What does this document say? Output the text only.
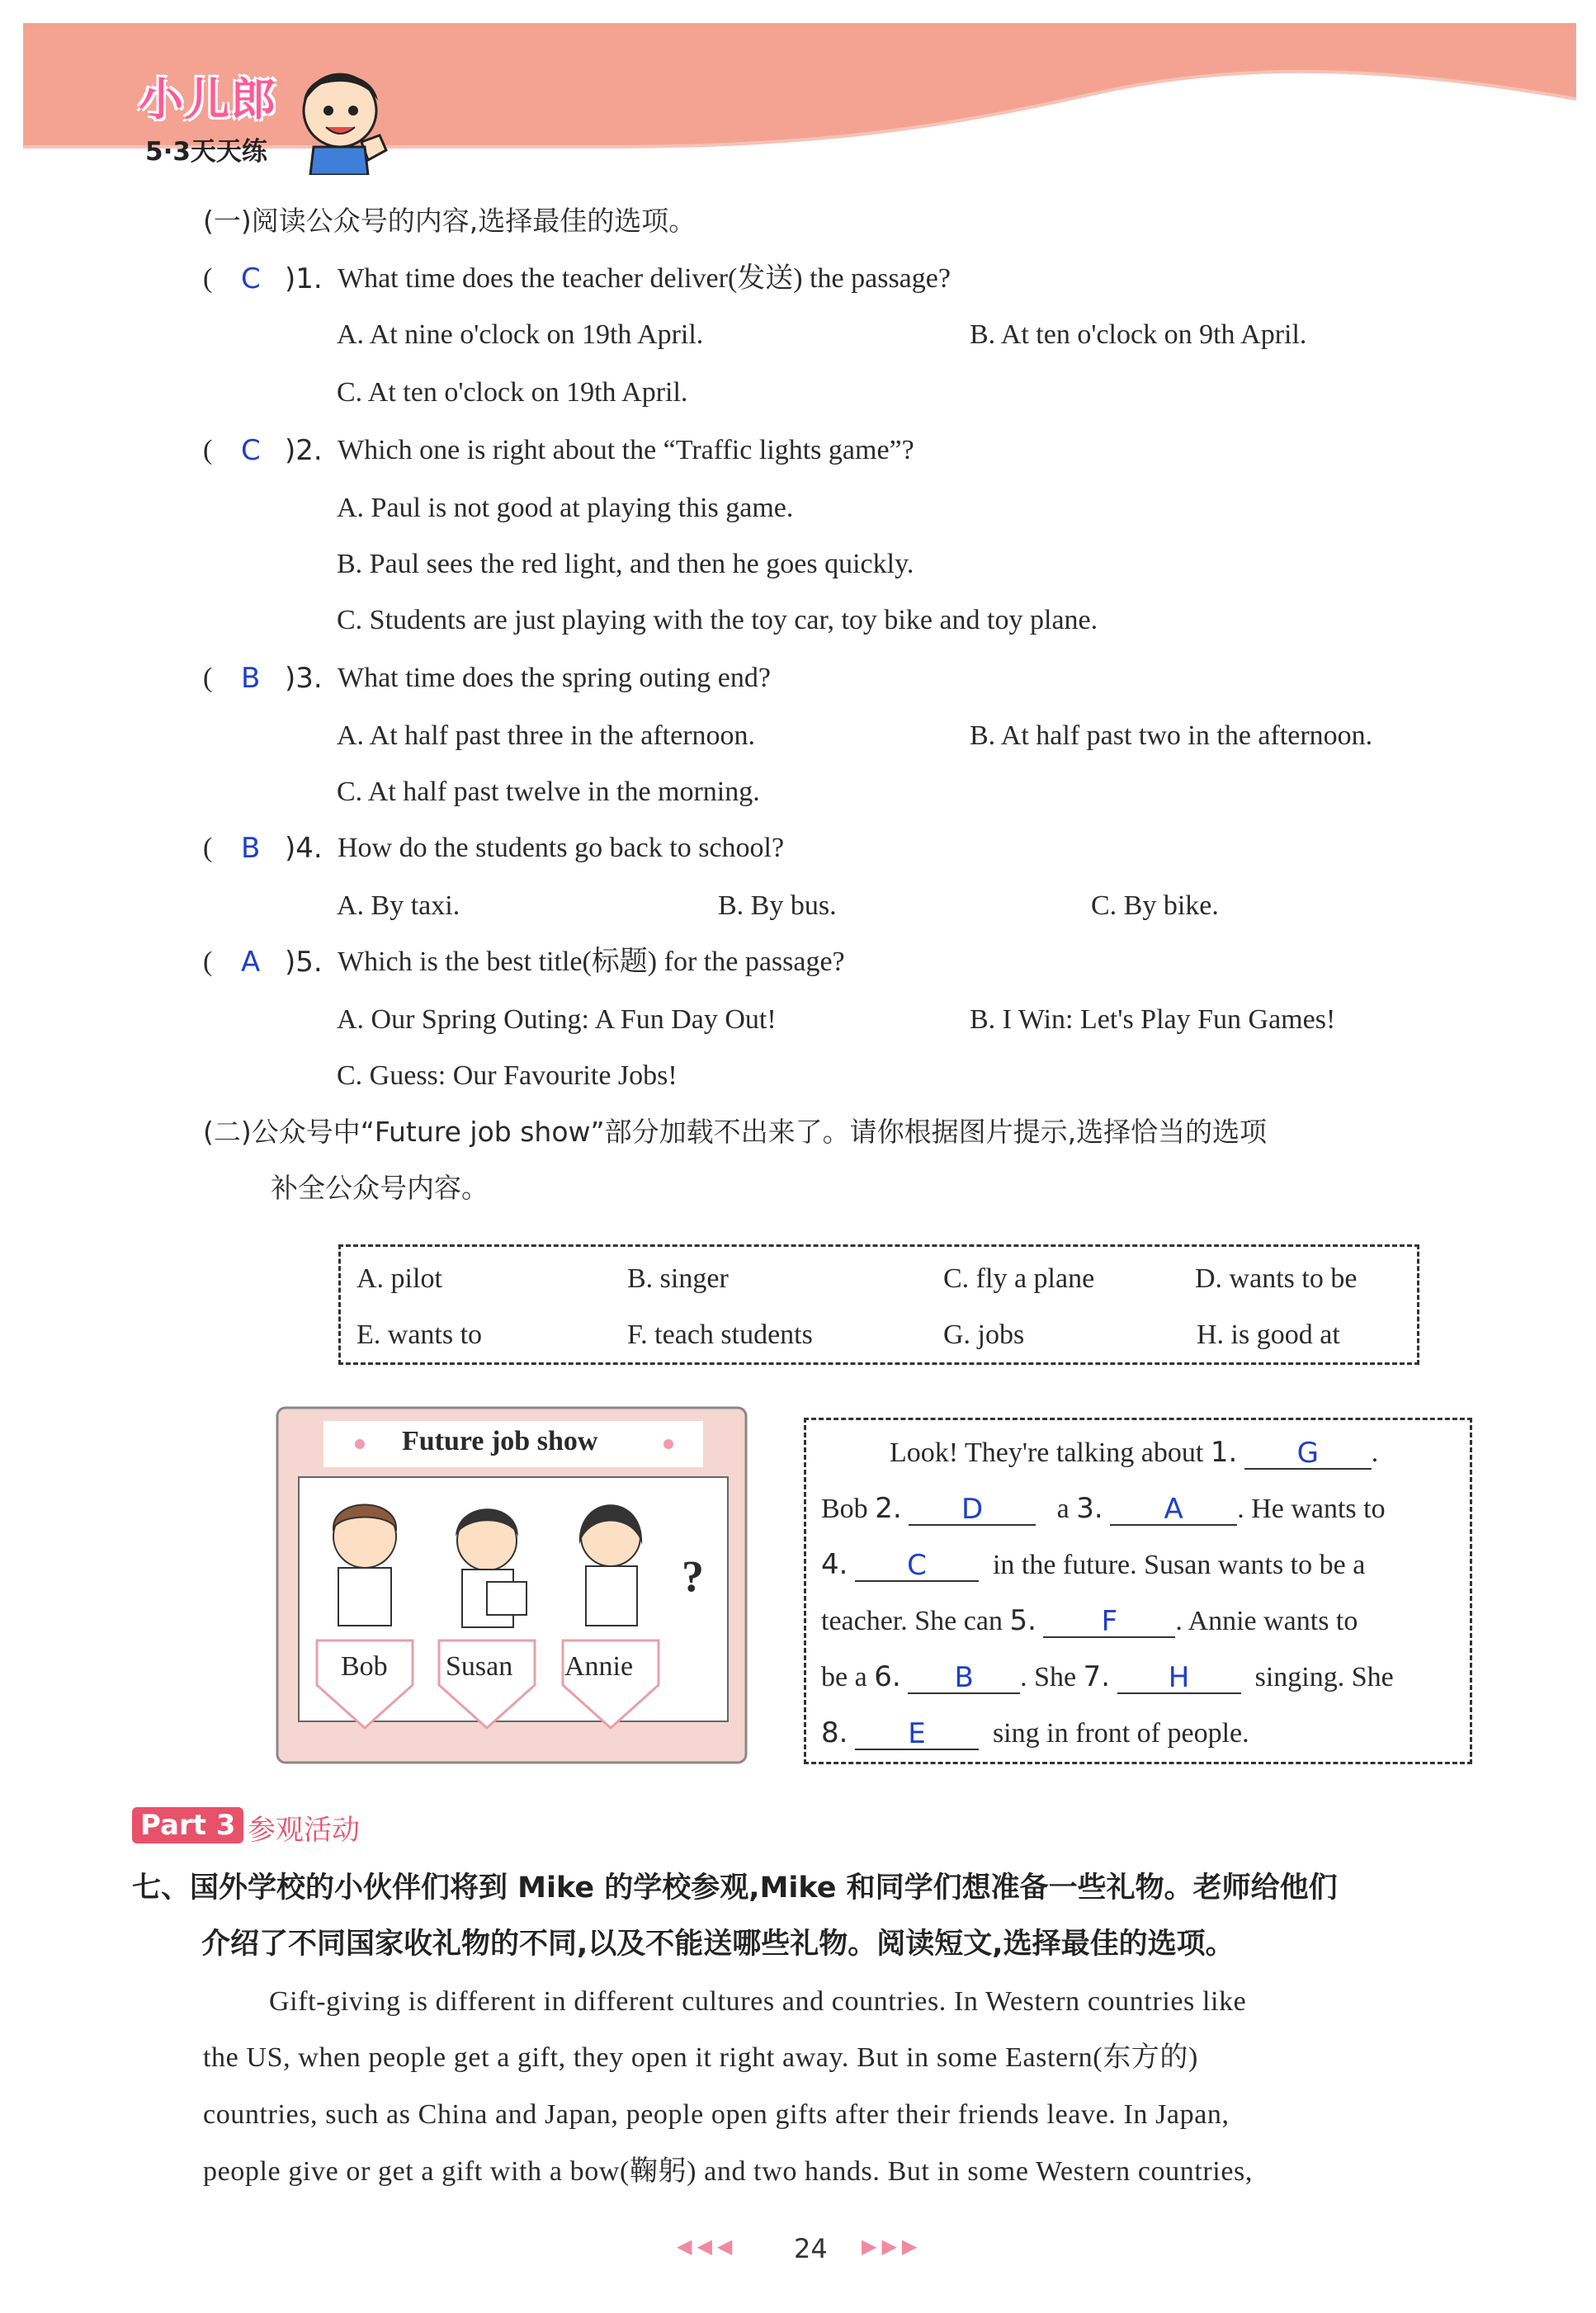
小儿郎
5·3天天练
(一)阅读公众号的内容,选择最佳的选项。
( C )1. What time does the teacher deliver(发送) the passage?
A. At nine o'clock on 19th April.	B. At ten o'clock on 9th April.
C. At ten o'clock on 19th April.
( C )2. Which one is right about the “Traffic lights game”?
A. Paul is not good at playing this game.
B. Paul sees the red light, and then he goes quickly.
C. Students are just playing with the toy car, toy bike and toy plane.
( B )3. What time does the spring outing end?
A. At half past three in the afternoon.	B. At half past two in the afternoon.
C. At half past twelve in the morning.
( B )4. How do the students go back to school?
A. By taxi.	B. By bus.	C. By bike.
( A )5. Which is the best title(标题) for the passage?
A. Our Spring Outing: A Fun Day Out!	B. I Win: Let's Play Fun Games!
C. Guess: Our Favourite Jobs!
(二)公众号中“Future job show”部分加载不出来了。请你根据图片提示,选择恰当的选项
补全公众号内容。
A. pilot	B. singer	C. fly a plane	D. wants to be
E. wants to	F. teach students	G. jobs	H. is good at
Future job show
Bob Susan Annie
?
Look! They're talking about 1. G .
Bob 2. D	a 3. A . He wants to
4. C in the future. Susan wants to be a
teacher. She can 5. F . Annie wants to
be a 6. B . She 7. H singing. She
8. E sing in front of people.
Part 3 参观活动
七、国外学校的小伙伴们将到 Mike 的学校参观,Mike 和同学们想准备一些礼物。老师给他们
介绍了不同国家收礼物的不同,以及不能送哪些礼物。阅读短文,选择最佳的选项。
Gift-giving is different in different cultures and countries. In Western countries like
the US, when people get a gift, they open it right away. But in some Eastern(东方的)
countries, such as China and Japan, people open gifts after their friends leave. In Japan,
people give or get a gift with a bow(鞠躬) and two hands. But in some Western countries,
◀◀◀ 24 ▶▶▶
